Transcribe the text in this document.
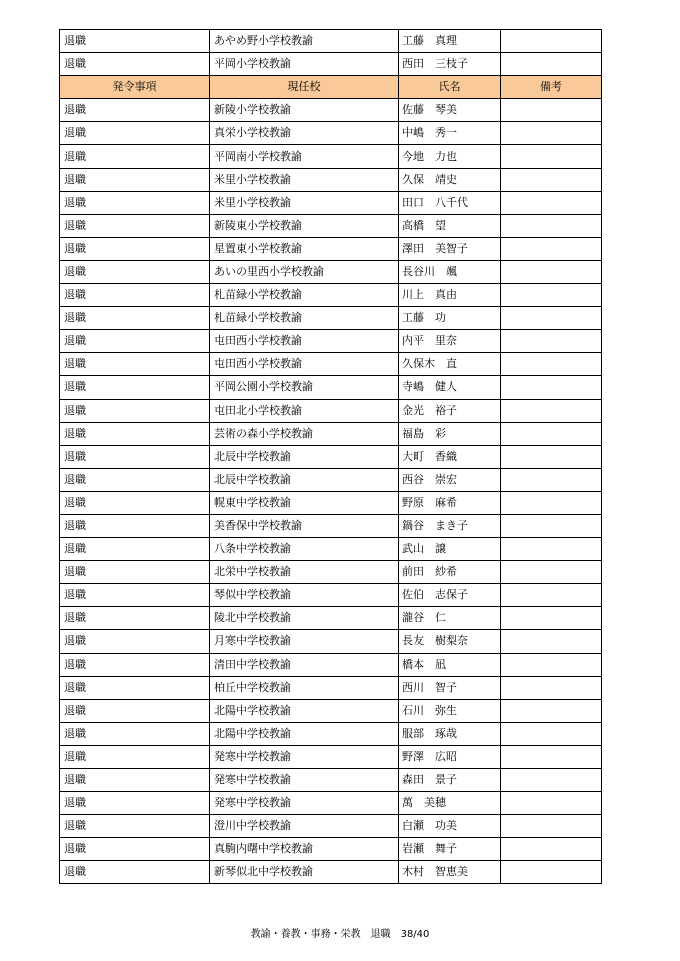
退職	あやめ野小学校教諭	工藤　真理	
退職	平岡小学校教諭	西田　三枝子	
発令事項	現任校	氏名	備考
退職	新陵小学校教諭	佐藤　琴美	
退職	真栄小学校教諭	中嶋　秀一	
退職	平岡南小学校教諭	今地　力也	
退職	米里小学校教諭	久保　靖史	
退職	米里小学校教諭	田口　八千代	
退職	新陵東小学校教諭	高橋　望	
退職	星置東小学校教諭	澤田　美智子	
退職	あいの里西小学校教諭	長谷川　颯	
退職	札苗緑小学校教諭	川上　真由	
退職	札苗緑小学校教諭	工藤　功	
退職	屯田西小学校教諭	内平　里奈	
退職	屯田西小学校教諭	久保木　直	
退職	平岡公園小学校教諭	寺嶋　健人	
退職	屯田北小学校教諭	金光　裕子	
退職	芸術の森小学校教諭	福島　彩	
退職	北辰中学校教諭	大町　香織	
退職	北辰中学校教諭	西谷　崇宏	
退職	幌東中学校教諭	野原　麻希	
退職	美香保中学校教諭	鍋谷　まき子	
退職	八条中学校教諭	武山　譲	
退職	北栄中学校教諭	前田　紗希	
退職	琴似中学校教諭	佐伯　志保子	
退職	陵北中学校教諭	瀧谷　仁	
退職	月寒中学校教諭	長友　樹梨奈	
退職	清田中学校教諭	橋本　凪	
退職	柏丘中学校教諭	西川　智子	
退職	北陽中学校教諭	石川　弥生	
退職	北陽中学校教諭	服部　琢哉	
退職	発寒中学校教諭	野澤　広昭	
退職	発寒中学校教諭	森田　景子	
退職	発寒中学校教諭	萬　美穂	
退職	澄川中学校教諭	白瀬　功美	
退職	真駒内曙中学校教諭	岩瀬　舞子	
退職	新琴似北中学校教諭	木村　智恵美	
教諭・養教・事務・栄教　退職　38/40
